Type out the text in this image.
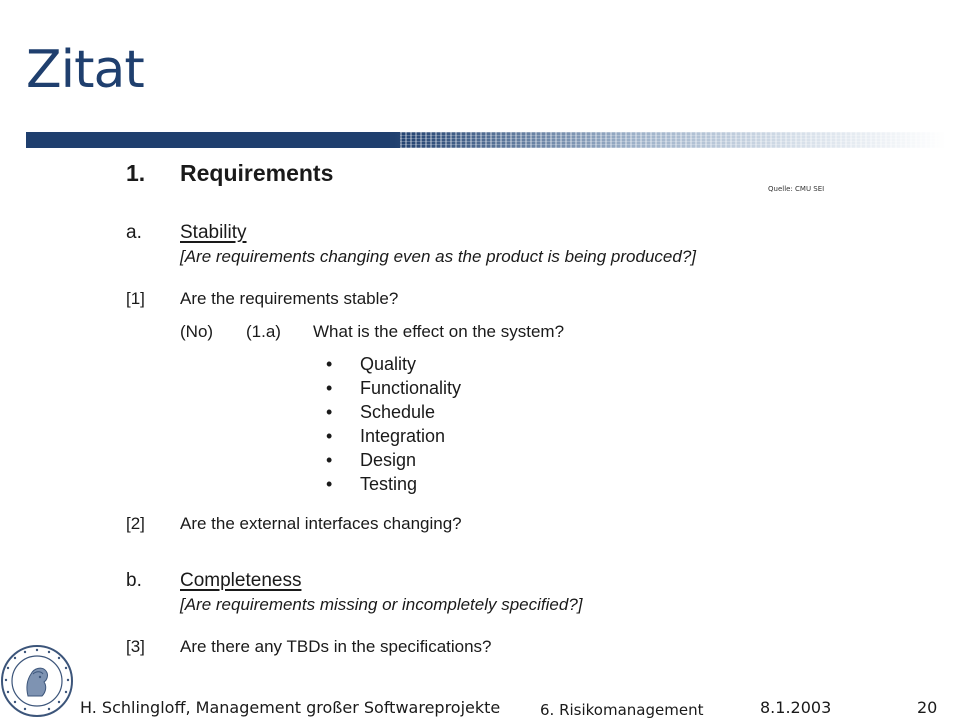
Zitat
1. Requirements
Quelle: CMU SEI
a. Stability
[Are requirements changing even as the product is being produced?]
[1] Are the requirements stable?
(No) (1.a) What is the effect on the system?
•	Quality
•	Functionality
•	Schedule
•	Integration
•	Design
•	Testing
[2] Are the external interfaces changing?
b. Completeness
[Are requirements missing or incompletely specified?]
[3] Are there any TBDs in the specifications?
H. Schlingloff, Management großer Softwareprojekte	6. Risikomanagement	8.1.2003	20
